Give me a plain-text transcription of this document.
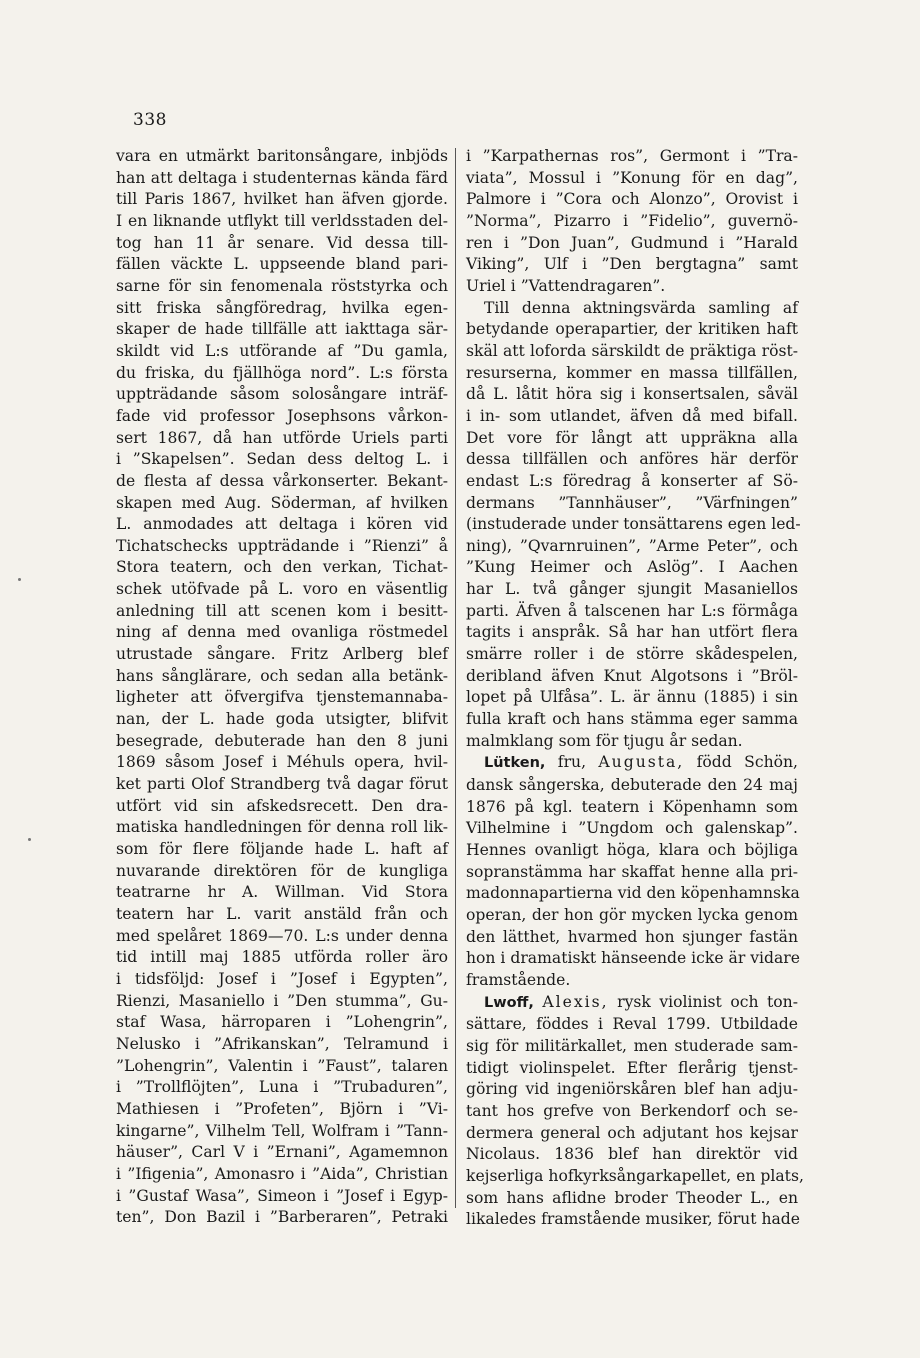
338
vara en utmärkt baritonsångare, inbjöds
han att deltaga i studenternas kända färd
till Paris 1867, hvilket han äfven gjorde.
I en liknande utflykt till verldsstaden del-
tog han 11 år senare. Vid dessa till-
fällen väckte L. uppseende bland pari-
sarne för sin fenomenala röststyrka och
sitt friska sångföredrag, hvilka egen-
skaper de hade tillfälle att iakttaga sär-
skildt vid L:s utförande af ”Du gamla,
du friska, du fjällhöga nord”. L:s första
uppträdande såsom solosångare inträf-
fade vid professor Josephsons vårkon-
sert 1867, då han utförde Uriels parti
i ”Skapelsen”. Sedan dess deltog L. i
de flesta af dessa vårkonserter. Bekant-
skapen med Aug. Söderman, af hvilken
L. anmodades att deltaga i kören vid
Tichatschecks uppträdande i ”Rienzi” å
Stora teatern, och den verkan, Tichat-
schek utöfvade på L. voro en väsentlig
anledning till att scenen kom i besitt-
ning af denna med ovanliga röstmedel
utrustade sångare. Fritz Arlberg blef
hans sånglärare, och sedan alla betänk-
ligheter att öfvergifva tjenstemannaba-
nan, der L. hade goda utsigter, blifvit
besegrade, debuterade han den 8 juni
1869 såsom Josef i Méhuls opera, hvil-
ket parti Olof Strandberg två dagar förut
utfört vid sin afskedsrecett. Den dra-
matiska handledningen för denna roll lik-
som för flere följande hade L. haft af
nuvarande direktören för de kungliga
teatrarne hr A. Willman. Vid Stora
teatern har L. varit anstäld från och
med spelåret 1869—70. L:s under denna
tid intill maj 1885 utförda roller äro
i tidsföljd: Josef i ”Josef i Egypten”,
Rienzi, Masaniello i ”Den stumma”, Gu-
staf Wasa, härroparen i ”Lohengrin”,
Nelusko i ”Afrikanskan”, Telramund i
”Lohengrin”, Valentin i ”Faust”, talaren
i ”Trollflöjten”, Luna i ”Trubaduren”,
Mathiesen i ”Profeten”, Björn i ”Vi-
kingarne”, Vilhelm Tell, Wolfram i ”Tann-
häuser”, Carl V i ”Ernani”, Agamemnon
i ”Ifigenia”, Amonasro i ”Aida”, Christian
i ”Gustaf Wasa”, Simeon i ”Josef i Egyp-
ten”, Don Bazil i ”Barberaren”, Petraki
i ”Karpathernas ros”, Germont i ”Tra-
viata”, Mossul i ”Konung för en dag”,
Palmore i ”Cora och Alonzo”, Orovist i
”Norma”, Pizarro i ”Fidelio”, guvernö-
ren i ”Don Juan”, Gudmund i ”Harald
Viking”, Ulf i ”Den bergtagna” samt
Uriel i ”Vattendragaren”.
Till denna aktningsvärda samling af
betydande operapartier, der kritiken haft
skäl att loforda särskildt de präktiga röst-
resurserna, kommer en massa tillfällen,
då L. låtit höra sig i konsertsalen, såväl
i in- som utlandet, äfven då med bifall.
Det vore för långt att uppräkna alla
dessa tillfällen och anföres här derför
endast L:s föredrag å konserter af Sö-
dermans ”Tannhäuser”, ”Värfningen”
(instuderade under tonsättarens egen led-
ning), ”Qvarnruinen”, ”Arme Peter”, och
”Kung Heimer och Aslög”. I Aachen
har L. två gånger sjungit Masaniellos
parti. Äfven å talscenen har L:s förmåga
tagits i anspråk. Så har han utfört flera
smärre roller i de större skådespelen,
deribland äfven Knut Algotsons i ”Bröl-
lopet på Ulfåsa”. L. är ännu (1885) i sin
fulla kraft och hans stämma eger samma
malmklang som för tjugu år sedan.
Lütken, fru, Augusta, född Schön,
dansk sångerska, debuterade den 24 maj
1876 på kgl. teatern i Köpenhamn som
Vilhelmine i ”Ungdom och galenskap”.
Hennes ovanligt höga, klara och böjliga
sopranstämma har skaffat henne alla pri-
madonnapartierna vid den köpenhamnska
operan, der hon gör mycken lycka genom
den lätthet, hvarmed hon sjunger fastän
hon i dramatiskt hänseende icke är vidare
framstående.
Lwoff, Alexis, rysk violinist och ton-
sättare, föddes i Reval 1799. Utbildade
sig för militärkallet, men studerade sam-
tidigt violinspelet. Efter flerårig tjenst-
göring vid ingeniörskåren blef han adju-
tant hos grefve von Berkendorf och se-
dermera general och adjutant hos kejsar
Nicolaus. 1836 blef han direktör vid
kejserliga hofkyrksångarkapellet, en plats,
som hans aflidne broder Theoder L., en
likaledes framstående musiker, förut hade
